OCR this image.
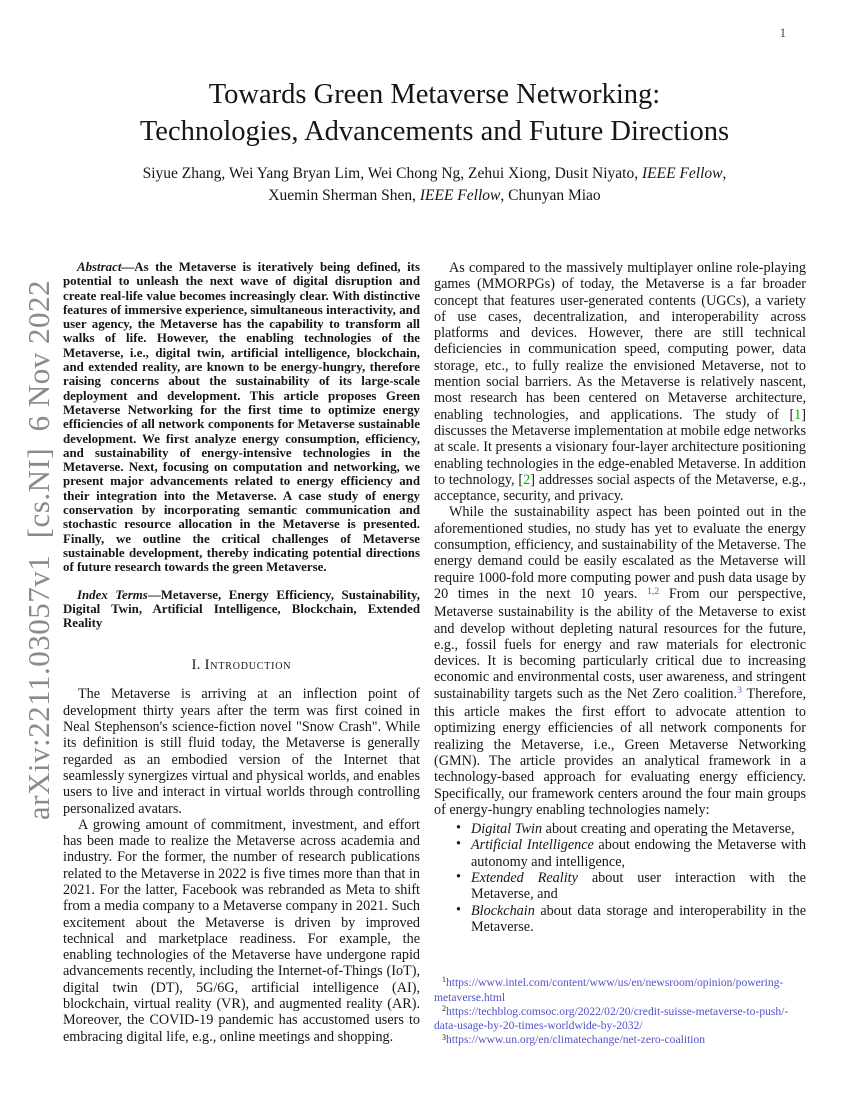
1
arXiv:2211.03057v1  [cs.NI]  6 Nov 2022
Towards Green Metaverse Networking:
Technologies, Advancements and Future Directions
Siyue Zhang, Wei Yang Bryan Lim, Wei Chong Ng, Zehui Xiong, Dusit Niyato, IEEE Fellow,
Xuemin Sherman Shen, IEEE Fellow, Chunyan Miao

Abstract—As the Metaverse is iteratively being defined, its potential to unleash the next wave of digital disruption and create real-life value becomes increasingly clear. With distinctive features of immersive experience, simultaneous interactivity, and user agency, the Metaverse has the capability to transform all walks of life. However, the enabling technologies of the Metaverse, i.e., digital twin, artificial intelligence, blockchain, and extended reality, are known to be energy-hungry, therefore raising concerns about the sustainability of its large-scale deployment and development. This article proposes Green Metaverse Networking for the first time to optimize energy efficiencies of all network components for Metaverse sustainable development. We first analyze energy consumption, efficiency, and sustainability of energy-intensive technologies in the Metaverse. Next, focusing on computation and networking, we present major advancements related to energy efficiency and their integration into the Metaverse. A case study of energy conservation by incorporating semantic communication and stochastic resource allocation in the Metaverse is presented. Finally, we outline the critical challenges of Metaverse sustainable development, thereby indicating potential directions of future research towards the green Metaverse.

Index Terms—Metaverse, Energy Efficiency, Sustainability, Digital Twin, Artificial Intelligence, Blockchain, Extended Reality

I. Introduction

The Metaverse is arriving at an inflection point of development thirty years after the term was first coined in Neal Stephenson's science-fiction novel "Snow Crash". While its definition is still fluid today, the Metaverse is generally regarded as an embodied version of the Internet that seamlessly synergizes virtual and physical worlds, and enables users to live and interact in virtual worlds through controlling personalized avatars.

A growing amount of commitment, investment, and effort has been made to realize the Metaverse across academia and industry. For the former, the number of research publications related to the Metaverse in 2022 is five times more than that in 2021. For the latter, Facebook was rebranded as Meta to shift from a media company to a Metaverse company in 2021. Such excitement about the Metaverse is driven by improved technical and marketplace readiness. For example, the enabling technologies of the Metaverse have undergone rapid advancements recently, including the Internet-of-Things (IoT), digital twin (DT), 5G/6G, artificial intelligence (AI), blockchain, virtual reality (VR), and augmented reality (AR). Moreover, the COVID-19 pandemic has accustomed users to embracing digital life, e.g., online meetings and shopping.

As compared to the massively multiplayer online role-playing games (MMORPGs) of today, the Metaverse is a far broader concept that features user-generated contents (UGCs), a variety of use cases, decentralization, and interoperability across platforms and devices. However, there are still technical deficiencies in communication speed, computing power, data storage, etc., to fully realize the envisioned Metaverse, not to mention social barriers. As the Metaverse is relatively nascent, most research has been centered on Metaverse architecture, enabling technologies, and applications. The study of [1] discusses the Metaverse implementation at mobile edge networks at scale. It presents a visionary four-layer architecture positioning enabling technologies in the edge-enabled Metaverse. In addition to technology, [2] addresses social aspects of the Metaverse, e.g., acceptance, security, and privacy.

While the sustainability aspect has been pointed out in the aforementioned studies, no study has yet to evaluate the energy consumption, efficiency, and sustainability of the Metaverse. The energy demand could be easily escalated as the Metaverse will require 1000-fold more computing power and push data usage by 20 times in the next 10 years. $^{1,2}$ From our perspective, Metaverse sustainability is the ability of the Metaverse to exist and develop without depleting natural resources for the future, e.g., fossil fuels for energy and raw materials for electronic devices. It is becoming particularly critical due to increasing economic and environmental costs, user awareness, and stringent sustainability targets such as the Net Zero coalition.$^3$ Therefore, this article makes the first effort to advocate attention to optimizing energy efficiencies of all network components for realizing the Metaverse, i.e., Green Metaverse Networking (GMN). The article provides an analytical framework in a technology-based approach for evaluating energy efficiency. Specifically, our framework centers around the four main groups of energy-hungry enabling technologies namely:

• Digital Twin about creating and operating the Metaverse,
• Artificial Intelligence about endowing the Metaverse with autonomy and intelligence,
• Extended Reality about user interaction with the Metaverse, and
• Blockchain about data storage and interoperability in the Metaverse.

$^1$https://www.intel.com/content/www/us/en/newsroom/opinion/powering-metaverse.html

$^2$https://techblog.comsoc.org/2022/02/20/credit-suisse-metaverse-to-push/-data-usage-by-20-times-worldwide-by-2032/

$^3$https://www.un.org/en/climatechange/net-zero-coalition
